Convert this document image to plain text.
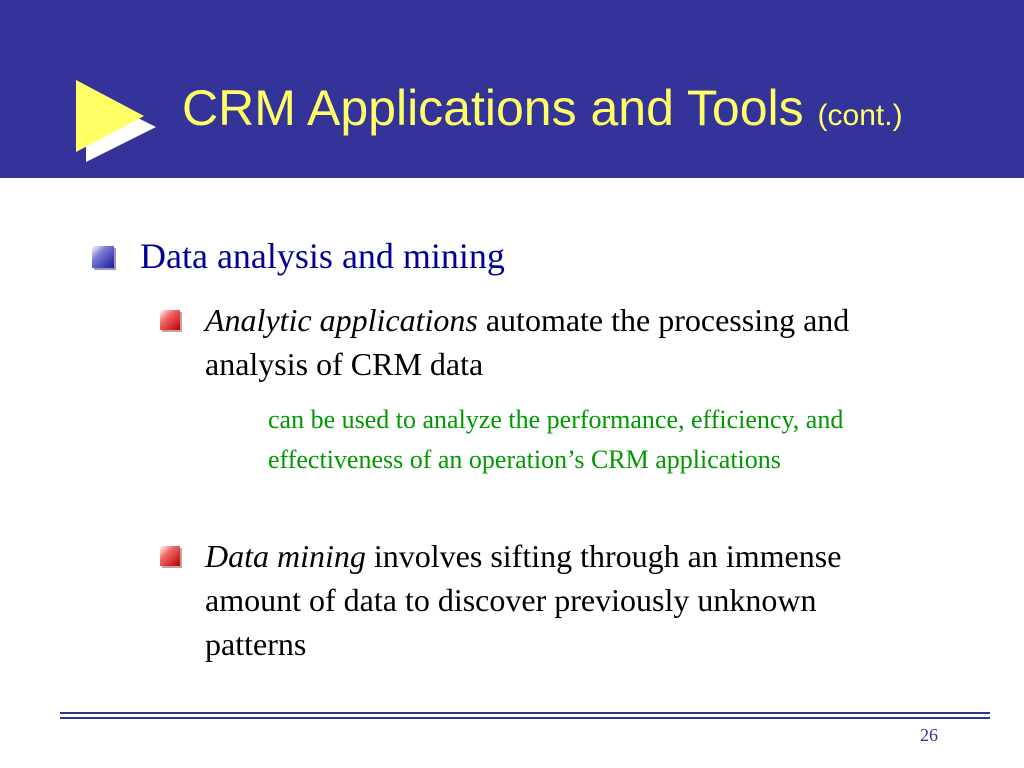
CRM Applications and Tools (cont.)
Data analysis and mining
Analytic applications automate the processing and analysis of CRM data
can be used to analyze the performance, efficiency, and effectiveness of an operation’s CRM applications
Data mining involves sifting through an immense amount of data to discover previously unknown patterns
26
